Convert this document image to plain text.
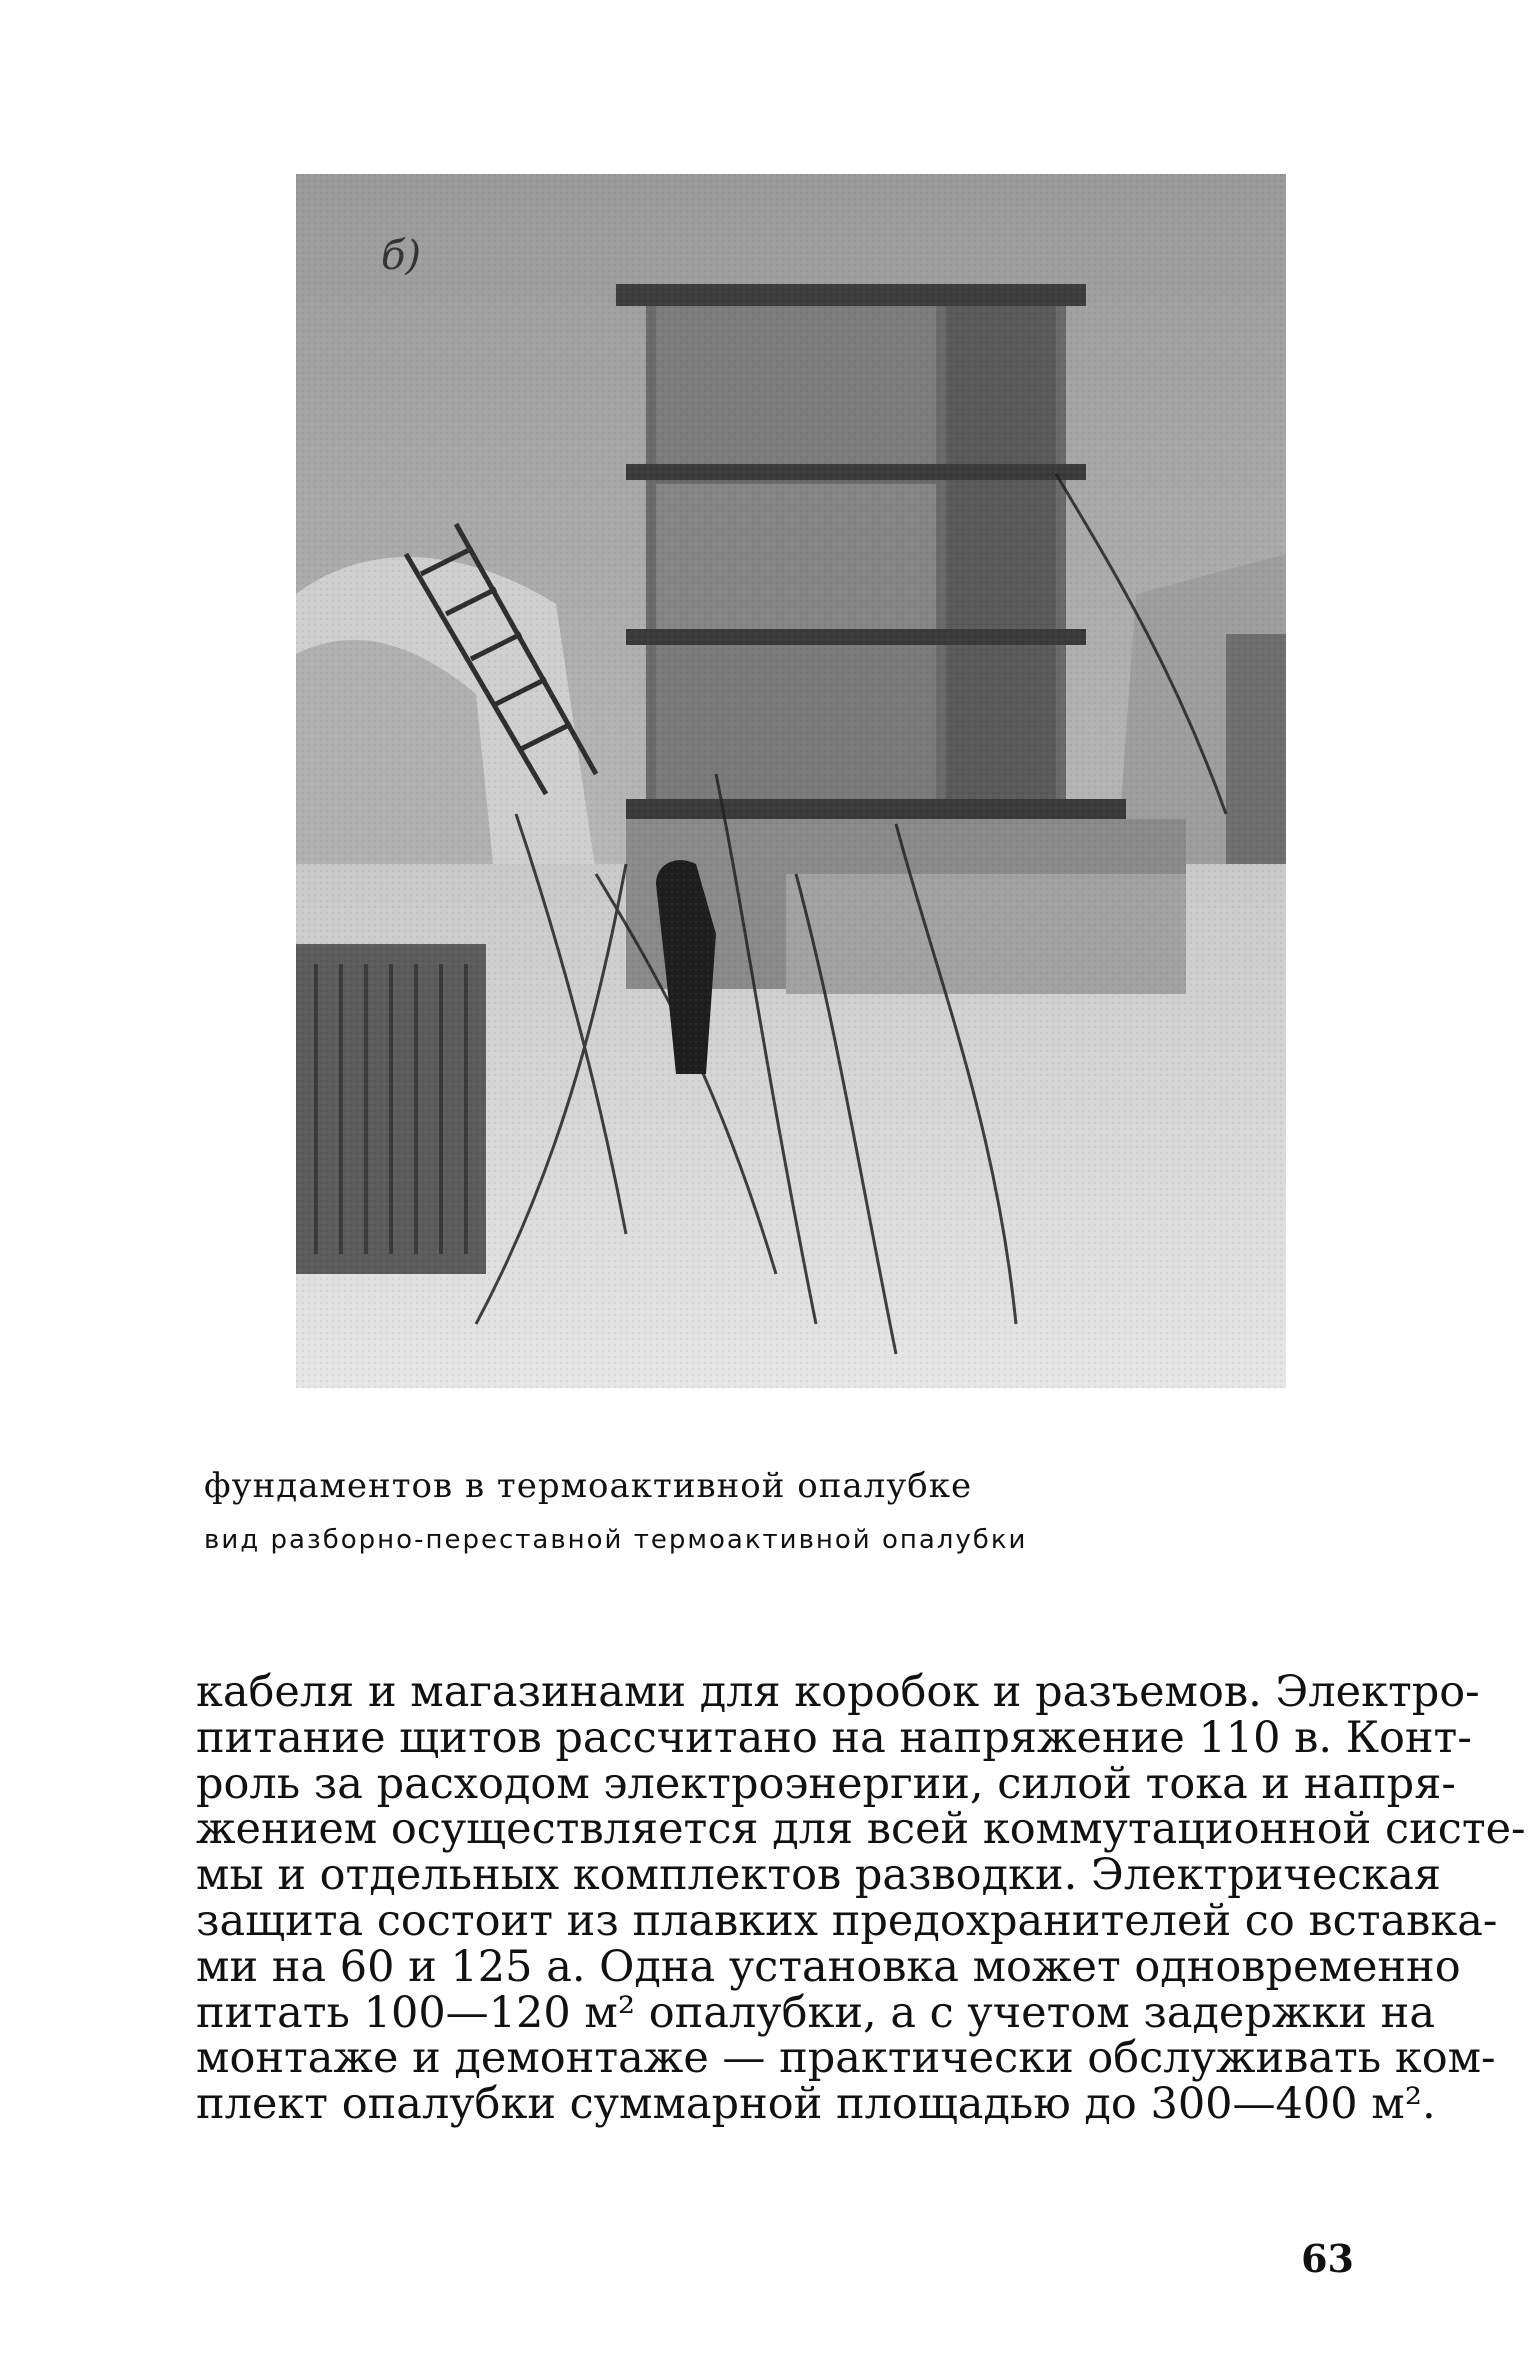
фундаментов в термоактивной опалубке
вид разборно-переставной термоактивной опалубки
кабеля и магазинами для коробок и разъемов. Электро-
питание щитов рассчитано на напряжение 110 в. Конт-
роль за расходом электроэнергии, силой тока и напря-
жением осуществляется для всей коммутационной систе-
мы и отдельных комплектов разводки. Электрическая
защита состоит из плавких предохранителей со вставка-
ми на 60 и 125 а. Одна установка может одновременно
питать 100—120 м² опалубки, а с учетом задержки на
монтаже и демонтаже — практически обслуживать ком-
плект опалубки суммарной площадью до 300—400 м².
63
